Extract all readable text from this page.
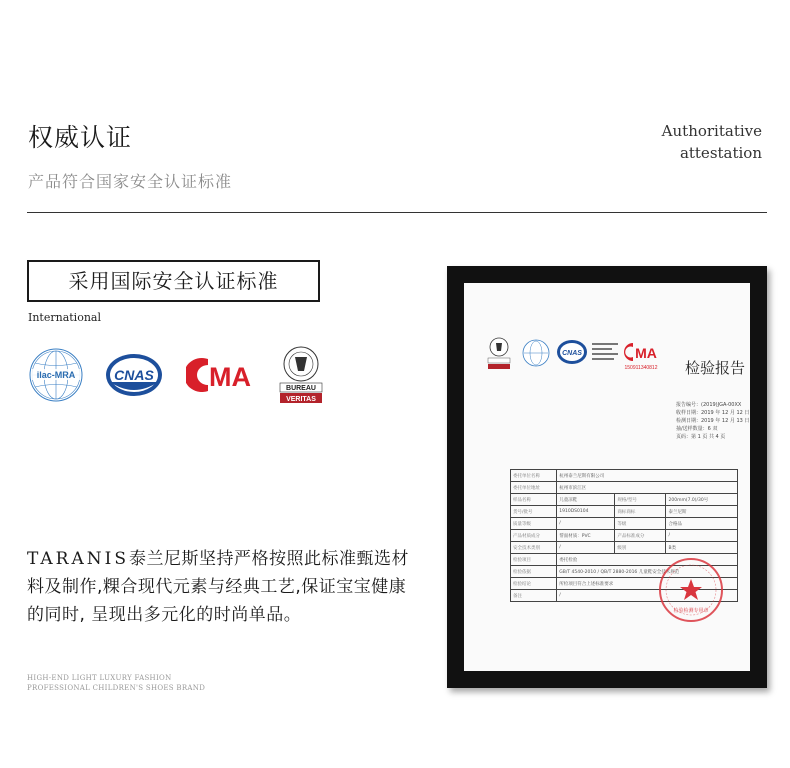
权威认证
产品符合国家安全认证标准
Authoritative
attestation
采用国际安全认证标准
International
ilac-MRA	CNAS MA	BUREAU
VERITAS
TARANIS泰兰尼斯坚持严格按照此标准甄选材料及制作,粿合现代元素与经典工艺,保证宝宝健康的同时, 呈现出多元化的时尚单品。
HIGH-END LIGHT LUXURY FASHION
PROFESSIONAL CHILDREN'S SHOES BRAND
CNAS	MA
150911340812 检验报告
报告编号：(2019)JGA-00XX
收样日期：2019 年 12 月 12 日
检测日期：2019 年 12 月 13 日
抽/送样数量：6 双
页码：第 1 页 共 4 页
委托单位名称	杭州泰兰尼斯有限公司		
委托单位地址	杭州市滨江区		
样品名称	儿童凉鞋	规格/型号	200mm(7.0)/30号
货号/批号	1910DS0104	商标商标	泰兰尼斯
质量等级	/	等级	合格品
产品材质成分	帮面材质：PVC	产品标准成分	/
安全技术类别	/	级别	B类
检验项目	委托检验		
检验依据	GB/T 4540-2010 / QB/T 2880-2016 儿童鞋安全技术规范		
检验结论	所检项目符合上述标准要求		
备注	/		
检验检测专用章
